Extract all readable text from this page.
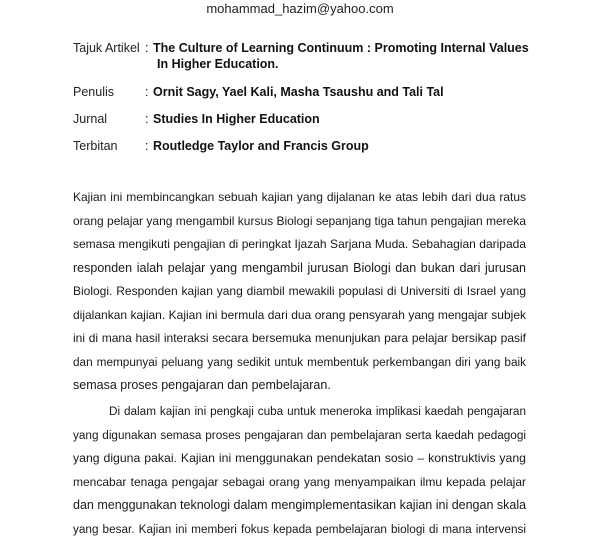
mohammad_hazim@yahoo.com
Tajuk Artikel : The Culture of Learning Continuum : Promoting Internal Values
In Higher Education.
Penulis	: Ornit Sagy, Yael Kali, Masha Tsaushu and Tali Tal
Jurnal	: Studies In Higher Education
Terbitan	: Routledge Taylor and Francis Group
Kajian ini membincangkan sebuah kajian yang dijalanan ke atas lebih dari dua ratus
orang pelajar yang mengambil kursus Biologi sepanjang tiga tahun pengajian mereka
semasa mengikuti pengajian di peringkat Ijazah Sarjana Muda. Sebahagian daripada
responden ialah pelajar yang mengambil jurusan Biologi dan bukan dari jurusan
Biologi. Responden kajian yang diambil mewakili populasi di Universiti di Israel yang
dijalankan kajian. Kajian ini bermula dari dua orang pensyarah yang mengajar subjek
ini di mana hasil interaksi secara bersemuka menunjukan para pelajar bersikap pasif
dan mempunyai peluang yang sedikit untuk membentuk perkembangan diri yang baik
semasa proses pengajaran dan pembelajaran.
Di dalam kajian ini pengkaji cuba untuk meneroka implikasi kaedah pengajaran
yang digunakan semasa proses pengajaran dan pembelajaran serta kaedah pedagogi
yang diguna pakai. Kajian ini menggunakan pendekatan sosio – konstruktivis yang
mencabar tenaga pengajar sebagai orang yang menyampaikan ilmu kepada pelajar
dan menggunakan teknologi dalam mengimplementasikan kajian ini dengan skala
yang besar. Kajian ini memberi fokus kepada pembelajaran biologi di mana intervensi
